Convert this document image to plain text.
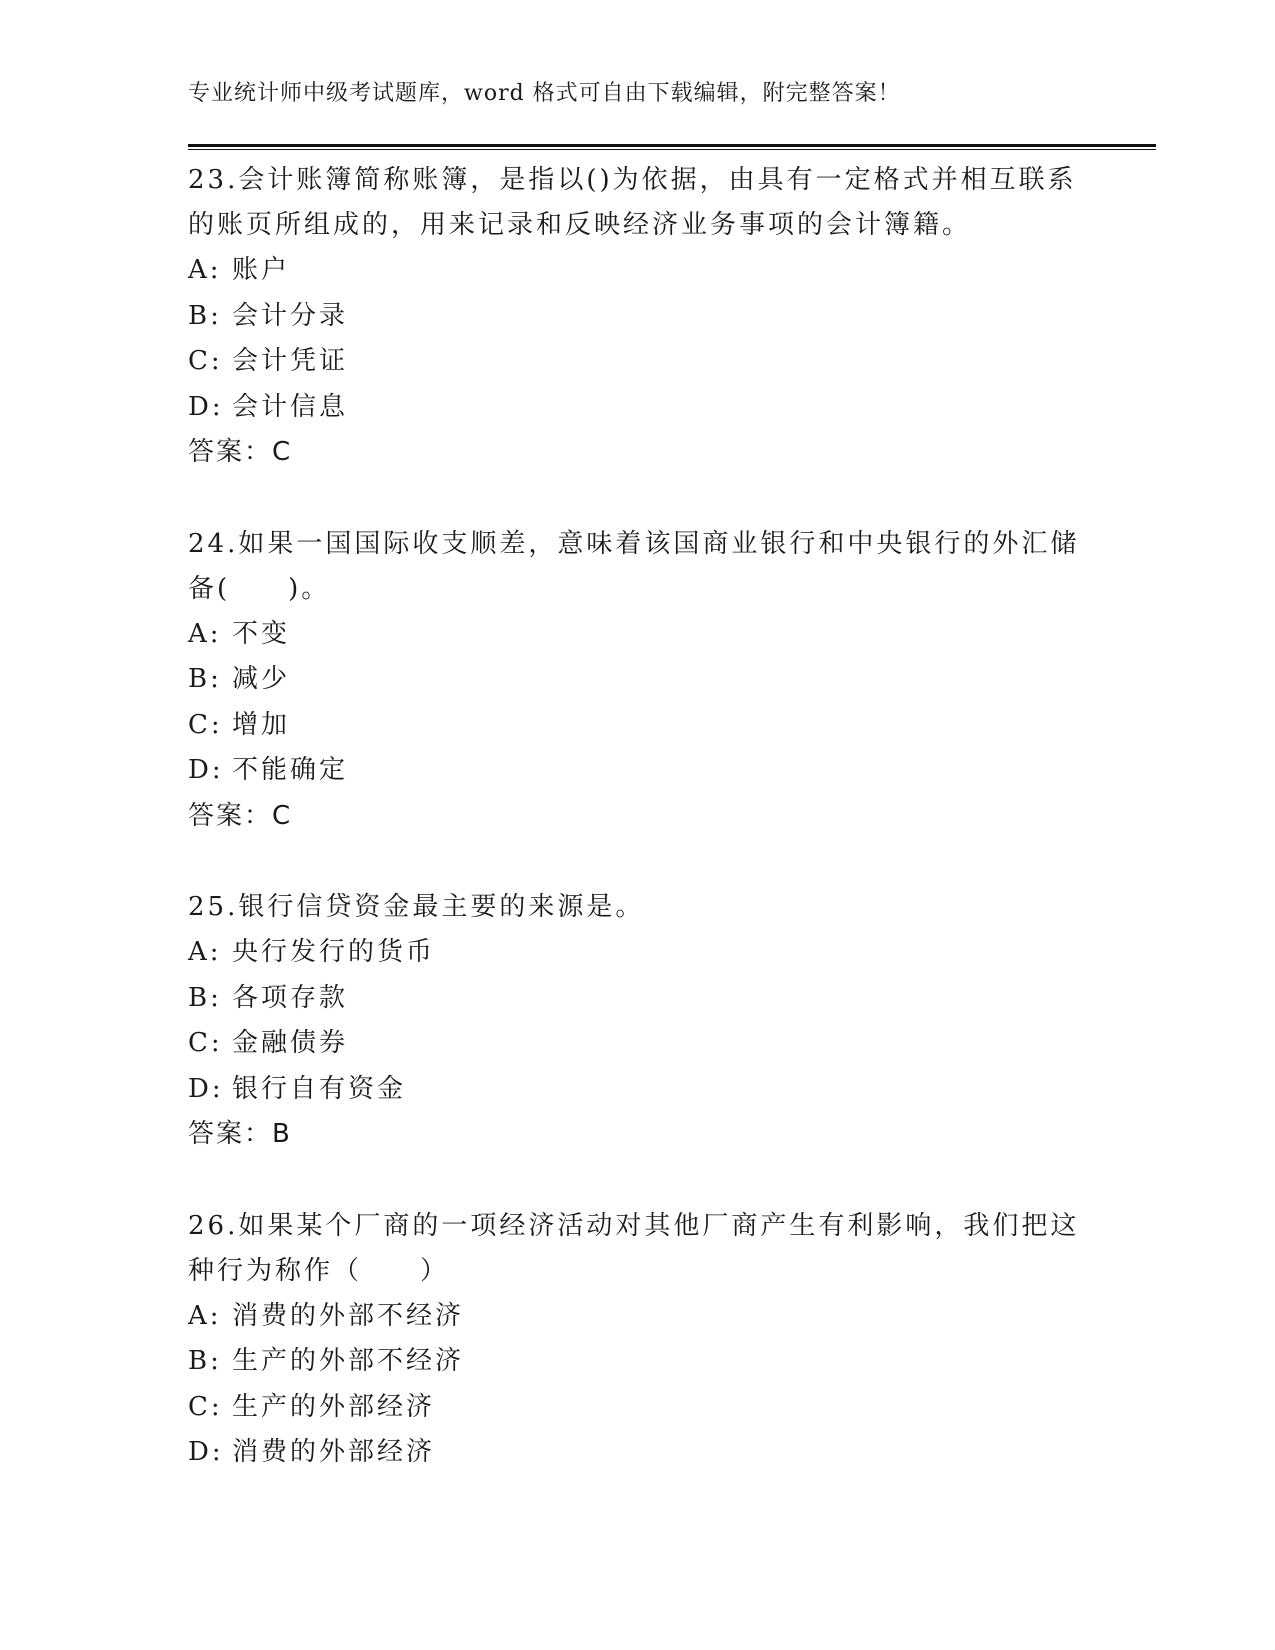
专业统计师中级考试题库，word 格式可自由下载编辑，附完整答案！

23.会计账簿简称账簿，是指以()为依据，由具有一定格式并相互联系的账页所组成的，用来记录和反映经济业务事项的会计簿籍。

A: 账户
B: 会计分录
C: 会计凭证
D: 会计信息
答案：C

24.如果一国国际收支顺差，意味着该国商业银行和中央银行的外汇储备(　　)。

A: 不变
B: 减少
C: 增加
D: 不能确定
答案：C

25.银行信贷资金最主要的来源是。

A: 央行发行的货币
B: 各项存款
C: 金融债券
D: 银行自有资金
答案：B

26.如果某个厂商的一项经济活动对其他厂商产生有利影响，我们把这种行为称作（　　）

A: 消费的外部不经济
B: 生产的外部不经济
C: 生产的外部经济
D: 消费的外部经济
